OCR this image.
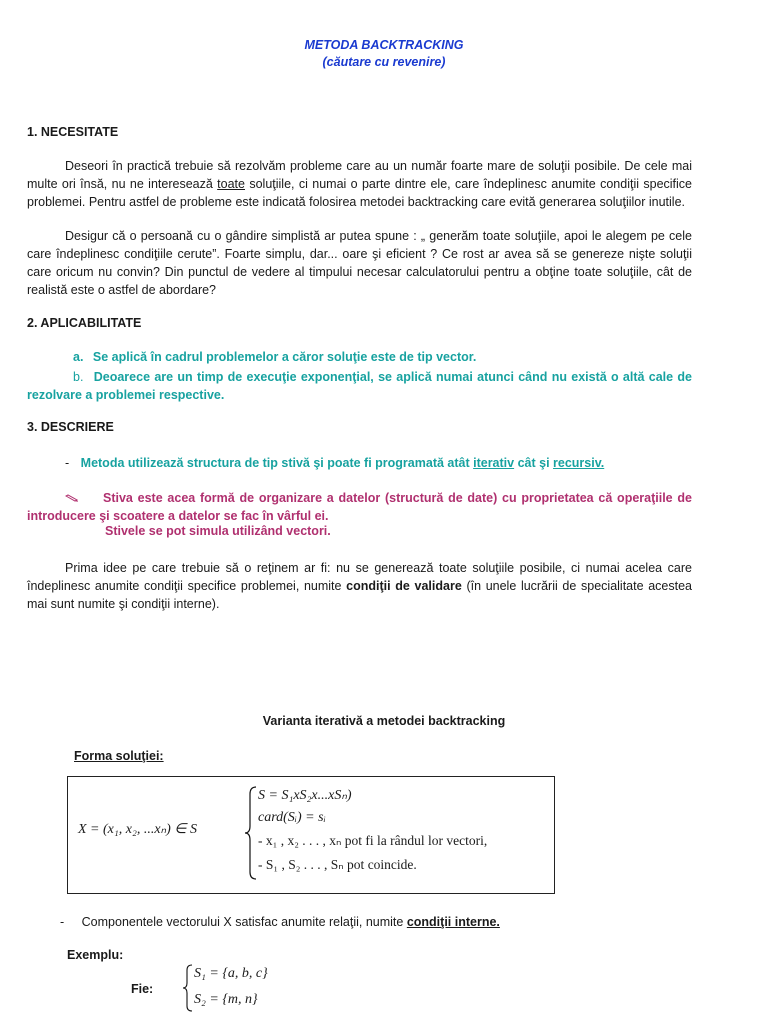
METODA BACKTRACKING
(căutare cu revenire)
1. NECESITATE

Deseori în practică trebuie să rezolvăm probleme care au un număr foarte mare de soluţii posibile. De cele mai multe ori însă, nu ne interesează toate soluţiile, ci numai o parte dintre ele, care îndeplinesc anumite condiţii specifice problemei. Pentru astfel de probleme este indicată folosirea metodei backtracking care evită generarea soluţiilor inutile.

Desigur că o persoană cu o gândire simplistă ar putea spune : „ generăm toate soluţiile, apoi le alegem pe cele care îndeplinesc condiţiile cerute”. Foarte simplu, dar... oare şi eficient ? Ce rost ar avea să se genereze nişte soluţii care oricum nu convin? Din punctul de vedere al timpului necesar calculatorului pentru a obţine toate soluţiile, cât de realistă este o astfel de abordare?

2. APLICABILITATE
a. Se aplică în cadrul problemelor a căror soluţie este de tip vector.

b. Deoarece are un timp de execuţie exponenţial, se aplică numai atunci când nu există o altă cale de rezolvare a problemei respective.

3. DESCRIERE
- Metoda utilizează structura de tip stivă şi poate fi programată atât iterativ cât şi recursiv.

Stiva este acea formă de organizare a datelor (structură de date) cu proprietatea că operaţiile de introducere şi scoatere a datelor se fac în vârful ei.

Stivele se pot simula utilizând vectori.

Prima idee pe care trebuie să o reţinem ar fi: nu se generează toate soluţiile posibile, ci numai acelea care îndeplinesc anumite condiţii specifice problemei, numite condiţii de validare (în unele lucrării de specialitate acestea mai sunt numite şi condiţii interne).

Varianta iterativă a metodei backtracking
Forma soluţiei:
X = (x₁, x₂, ...xₙ) ∈ S
S = S₁xS₂x...xSₙ)
card(Sᵢ) = sᵢ
- x₁ , x₂ . . . , xₙ pot fi la rândul lor vectori,
- S₁ , S₂ . . . , Sₙ pot coincide.
- Componentele vectorului X satisfac anumite relaţii, numite condiţii interne.
Exemplu:
Fie:
S₁ = {a, b, c}
S₂ = {m, n}
